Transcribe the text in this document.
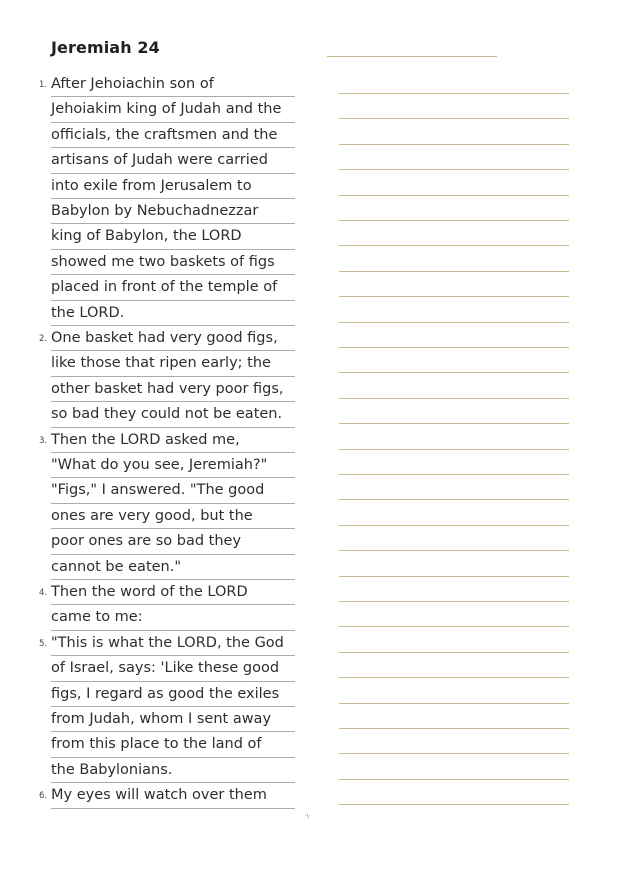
Jeremiah 24
1. After Jehoiachin son of
Jehoiakim king of Judah and the
officials, the craftsmen and the
artisans of Judah were carried
into exile from Jerusalem to
Babylon by Nebuchadnezzar
king of Babylon, the LORD
showed me two baskets of figs
placed in front of the temple of
the LORD.
2. One basket had very good figs,
like those that ripen early; the
other basket had very poor figs,
so bad they could not be eaten.
3. Then the LORD asked me,
"What do you see, Jeremiah?"
"Figs," I answered. "The good
ones are very good, but the
poor ones are so bad they
cannot be eaten."
4. Then the word of the LORD
came to me:
5. "This is what the LORD, the God
of Israel, says: 'Like these good
figs, I regard as good the exiles
from Judah, whom I sent away
from this place to the land of
the Babylonians.
6. My eyes will watch over them
·\·
